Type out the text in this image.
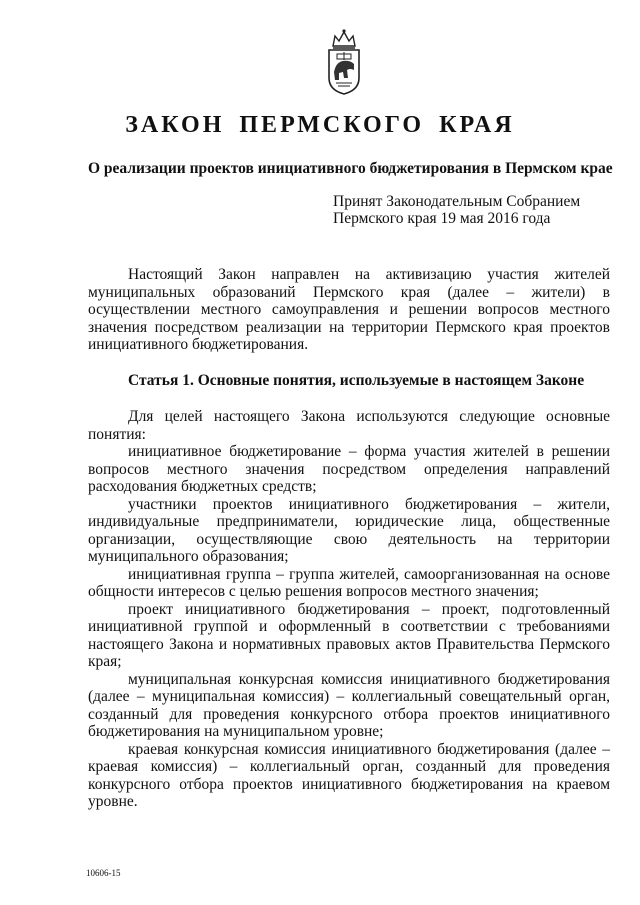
ЗАКОН ПЕРМСКОГО КРАЯ

О реализации проектов инициативного бюджетирования в Пермском крае

Принят Законодательным Собранием
Пермского края 19 мая 2016 года

Настоящий Закон направлен на активизацию участия жителей муниципальных образований Пермского края (далее – жители) в осуществлении местного самоуправления и решении вопросов местного значения посредством реализации на территории Пермского края проектов инициативного бюджетирования.

Статья 1. Основные понятия, используемые в настоящем Законе

Для целей настоящего Закона используются следующие основные понятия:

инициативное бюджетирование – форма участия жителей в решении вопросов местного значения посредством определения направлений расходования бюджетных средств;

участники проектов инициативного бюджетирования – жители, индивидуальные предприниматели, юридические лица, общественные организации, осуществляющие свою деятельность на территории муниципального образования;

инициативная группа – группа жителей, самоорганизованная на основе общности интересов с целью решения вопросов местного значения;

проект инициативного бюджетирования – проект, подготовленный инициативной группой и оформленный в соответствии с требованиями настоящего Закона и нормативных правовых актов Правительства Пермского края;

муниципальная конкурсная комиссия инициативного бюджетирования (далее – муниципальная комиссия) – коллегиальный совещательный орган, созданный для проведения конкурсного отбора проектов инициативного бюджетирования на муниципальном уровне;

краевая конкурсная комиссия инициативного бюджетирования (далее – краевая комиссия) – коллегиальный орган, созданный для проведения конкурсного отбора проектов инициативного бюджетирования на краевом уровне.

10606-15
